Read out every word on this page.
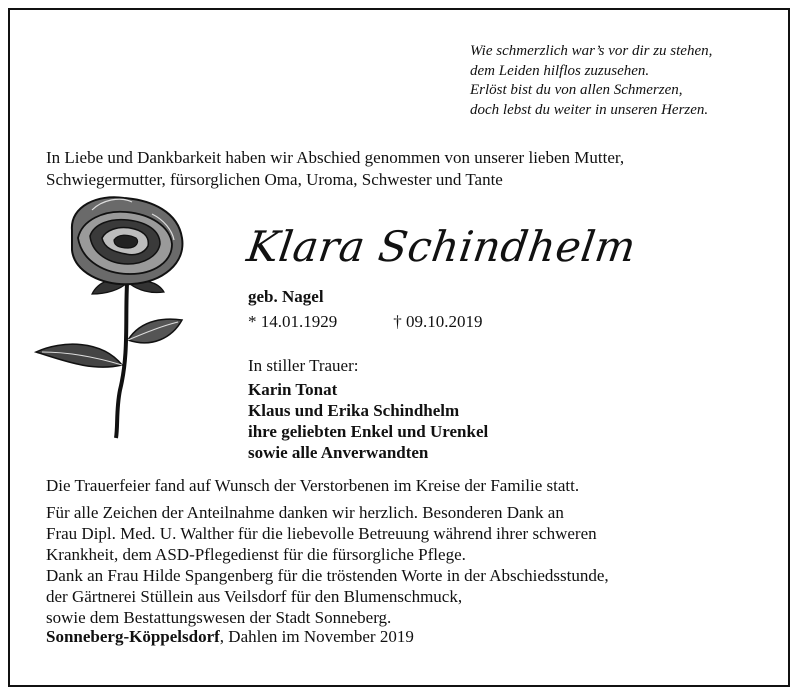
Wie schmerzlich war’s vor dir zu stehen,
dem Leiden hilflos zuzusehen.
Erlöst bist du von allen Schmerzen,
doch lebst du weiter in unseren Herzen.
In Liebe und Dankbarkeit haben wir Abschied genommen von unserer lieben Mutter,
Schwiegermutter, fürsorglichen Oma, Uroma, Schwester und Tante
Klara Schindhelm
geb. Nagel
* 14.01.1929	† 09.10.2019
In stiller Trauer:
Karin Tonat
Klaus und Erika Schindhelm
ihre geliebten Enkel und Urenkel
sowie alle Anverwandten
Die Trauerfeier fand auf Wunsch der Verstorbenen im Kreise der Familie statt.
Für alle Zeichen der Anteilnahme danken wir herzlich. Besonderen Dank an
Frau Dipl. Med. U. Walther für die liebevolle Betreuung während ihrer schweren
Krankheit, dem ASD-Pflegedienst für die fürsorgliche Pflege.
Dank an Frau Hilde Spangenberg für die tröstenden Worte in der Abschiedsstunde,
der Gärtnerei Stüllein aus Veilsdorf für den Blumenschmuck,
sowie dem Bestattungswesen der Stadt Sonneberg.
Sonneberg-Köppelsdorf, Dahlen im November 2019
